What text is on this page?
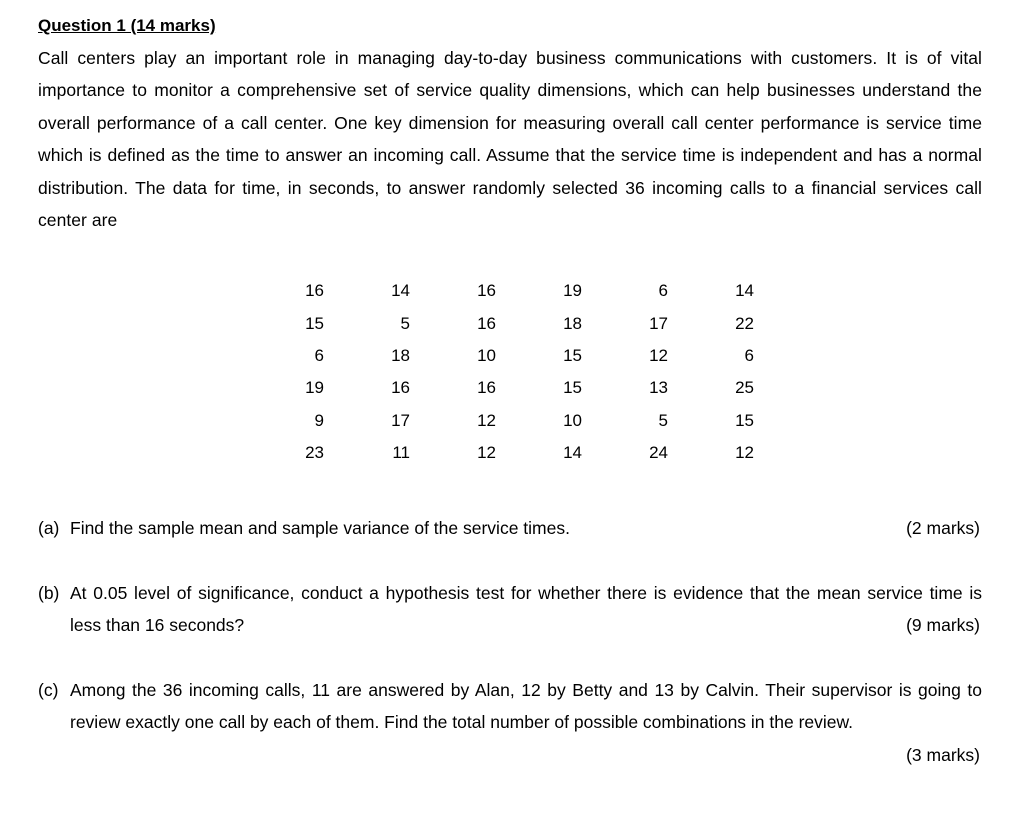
Question 1 (14 marks)

Call centers play an important role in managing day-to-day business communications with customers. It is of vital importance to monitor a comprehensive set of service quality dimensions, which can help businesses understand the overall performance of a call center. One key dimension for measuring overall call center performance is service time which is defined as the time to answer an incoming call. Assume that the service time is independent and has a normal distribution. The data for time, in seconds, to answer randomly selected 36 incoming calls to a financial services call center are

16	14	16	19	6	14
15	5	16	18	17	22
6	18	10	15	12	6
19	16	16	15	13	25
9	17	12	10	5	15
23	11	12	14	24	12
(a) Find the sample mean and sample variance of the service times.	(2 marks)
(b) At 0.05 level of significance, conduct a hypothesis test for whether there is evidence that the mean service time is less than 16 seconds?	(9 marks)
(c) Among the 36 incoming calls, 11 are answered by Alan, 12 by Betty and 13 by Calvin. Their supervisor is going to review exactly one call by each of them. Find the total number of possible combinations in the review.
(3 marks)
